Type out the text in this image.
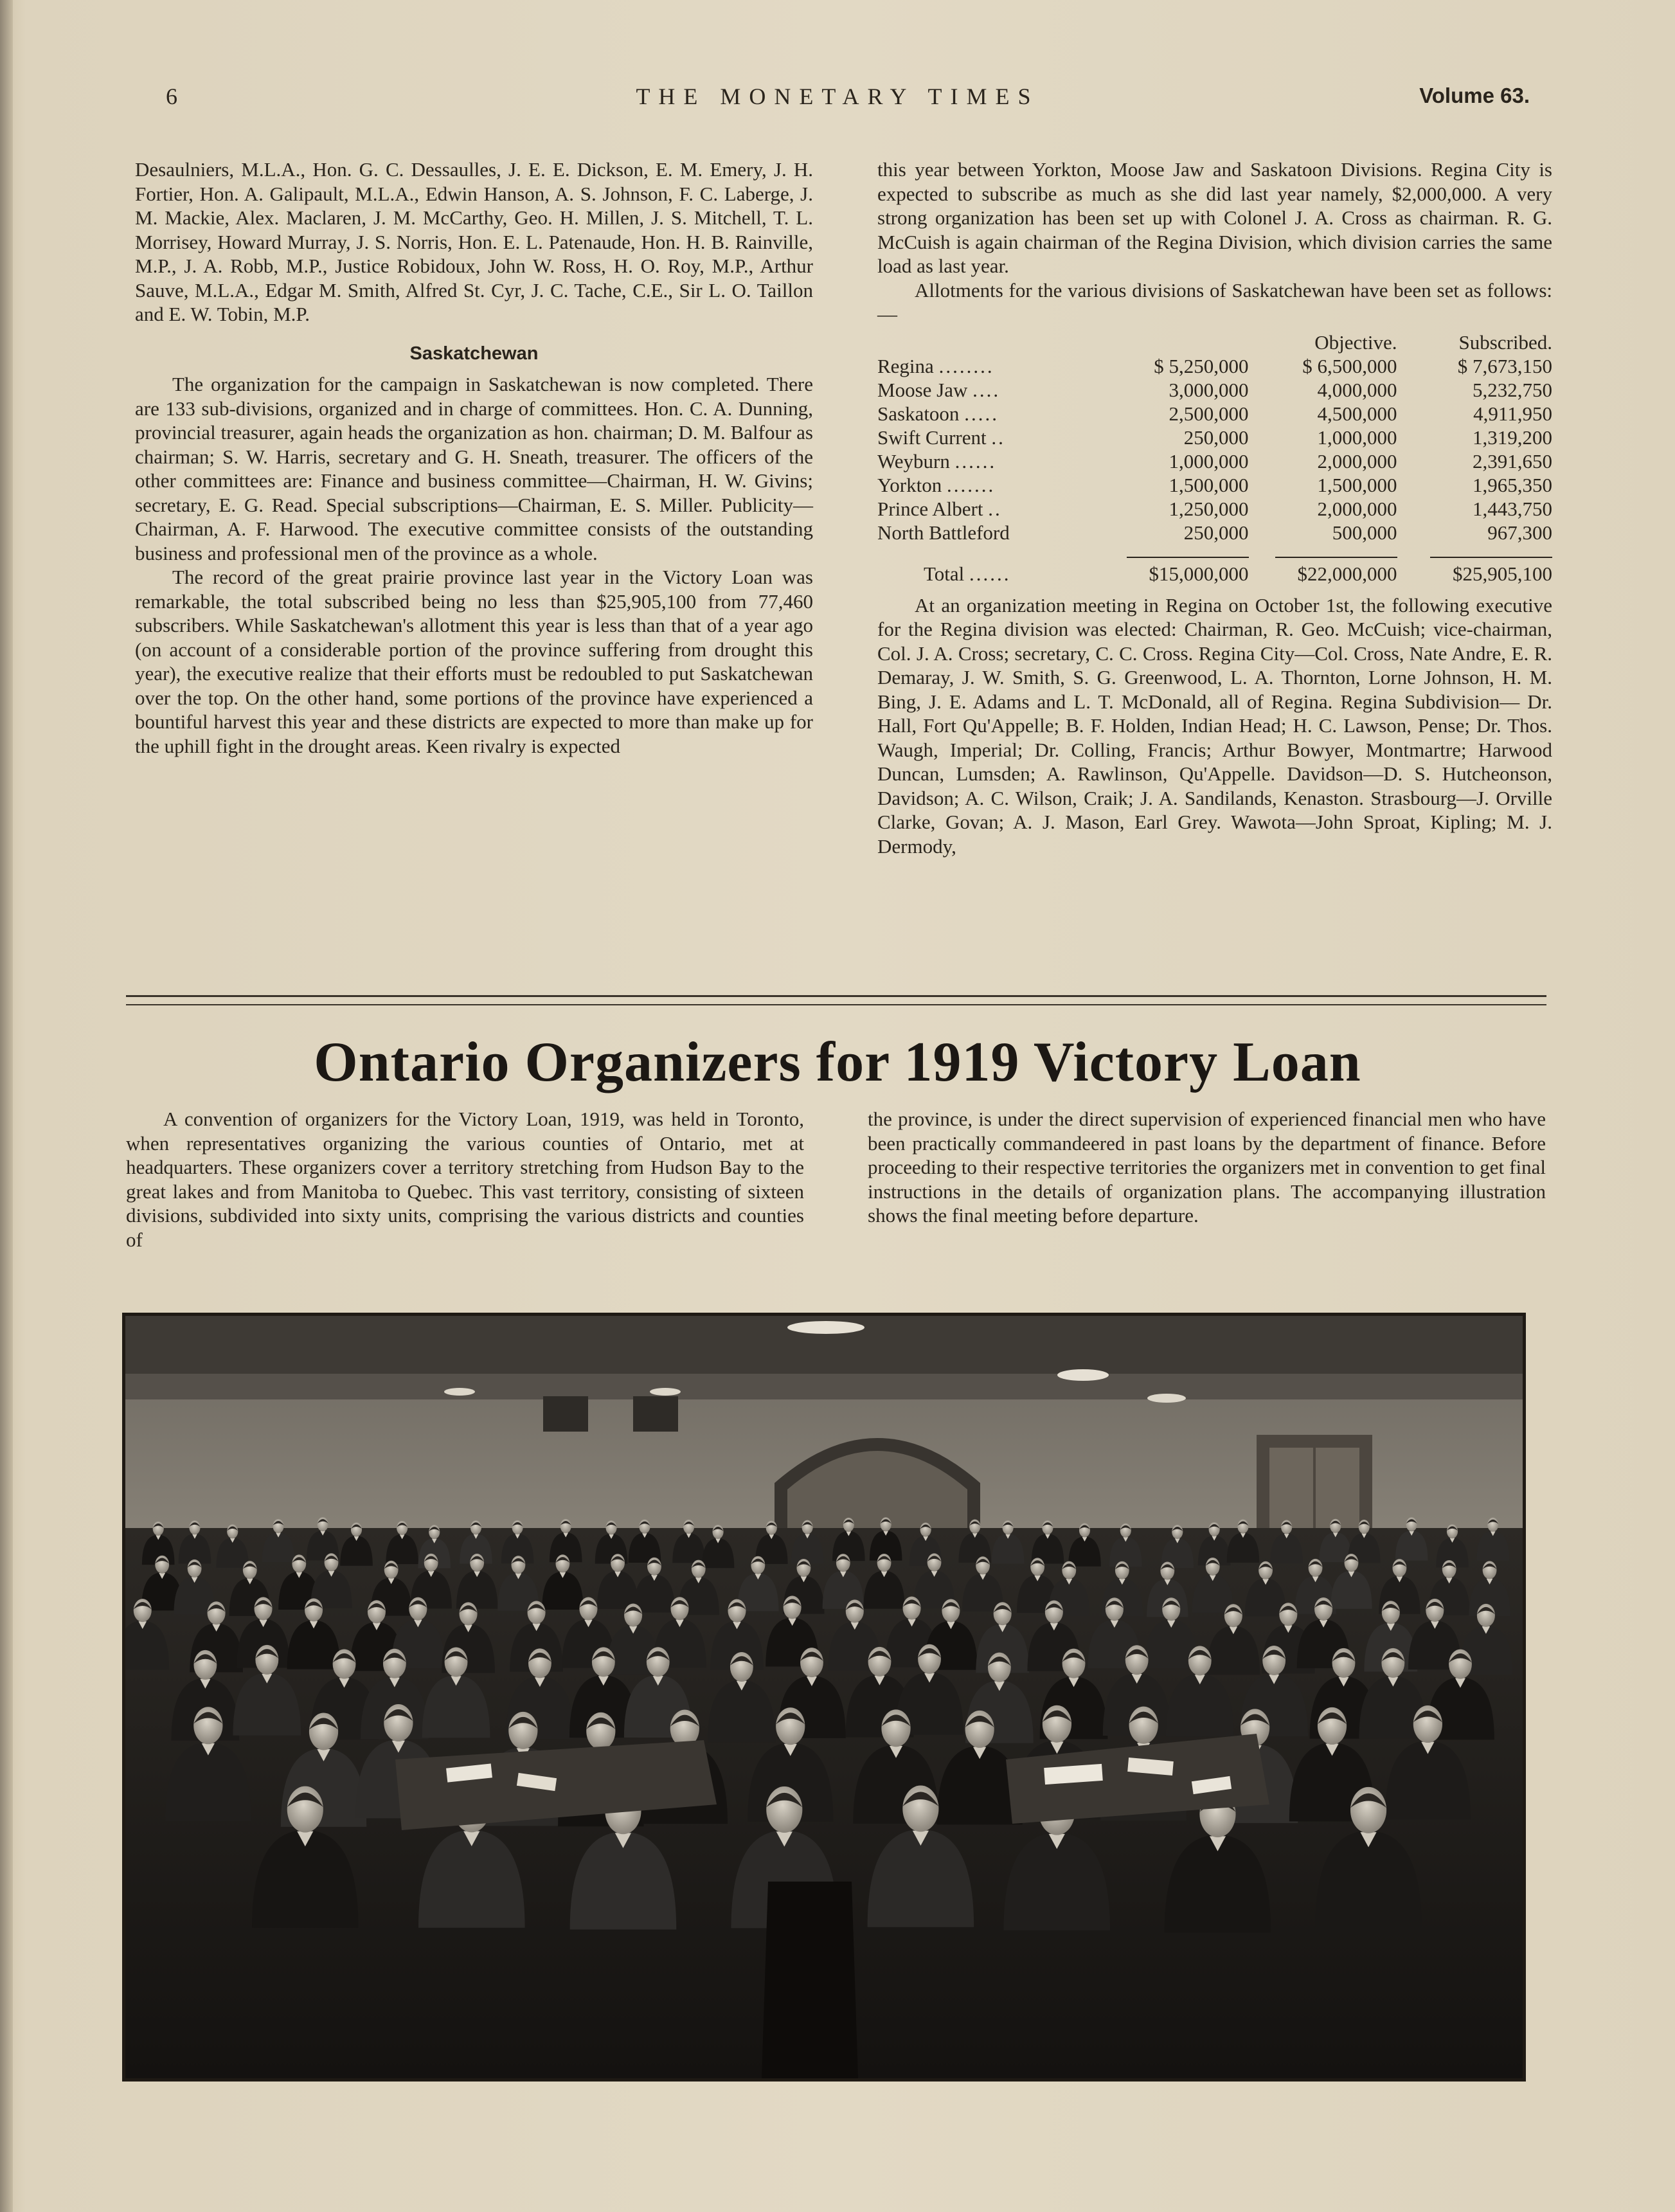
6	THE MONETARY TIMES	Volume 63.

Desaulniers, M.L.A., Hon. G. C. Dessaulles, J. E. E. Dickson, E. M. Emery, J. H. Fortier, Hon. A. Galipault, M.L.A., Edwin Hanson, A. S. Johnson, F. C. Laberge, J. M. Mackie, Alex. Maclaren, J. M. McCarthy, Geo. H. Millen, J. S. Mitchell, T. L. Morrisey, Howard Murray, J. S. Norris, Hon. E. L. Patenaude, Hon. H. B. Rainville, M.P., J. A. Robb, M.P., Justice Robidoux, John W. Ross, H. O. Roy, M.P., Arthur Sauve, M.L.A., Edgar M. Smith, Alfred St. Cyr, J. C. Tache, C.E., Sir L. O. Taillon and E. W. Tobin, M.P.

Saskatchewan

The organization for the campaign in Saskatchewan is now completed. There are 133 sub-divisions, organized and in charge of committees. Hon. C. A. Dunning, provincial treasurer, again heads the organization as hon. chairman; D. M. Balfour as chairman; S. W. Harris, secretary and G. H. Sneath, treasurer. The officers of the other committees are: Finance and business committee—Chairman, H. W. Givins; secretary, E. G. Read. Special subscriptions—Chairman, E. S. Miller. Publicity—Chairman, A. F. Harwood. The executive committee consists of the outstanding business and professional men of the province as a whole.

The record of the great prairie province last year in the Victory Loan was remarkable, the total subscribed being no less than $25,905,100 from 77,460 subscribers. While Saskatchewan's allotment this year is less than that of a year ago (on account of a considerable portion of the province suffering from drought this year), the executive realize that their efforts must be redoubled to put Saskatchewan over the top. On the other hand, some portions of the province have experienced a bountiful harvest this year and these districts are expected to more than make up for the uphill fight in the drought areas. Keen rivalry is expected

this year between Yorkton, Moose Jaw and Saskatoon Divisions. Regina City is expected to subscribe as much as she did last year namely, $2,000,000. A very strong organization has been set up with Colonel J. A. Cross as chairman. R. G. McCuish is again chairman of the Regina Division, which division carries the same load as last year.

Allotments for the various divisions of Saskatchewan have been set as follows:—

		Objective.	Subscribed.
Regina ........	$ 5,250,000	$ 6,500,000	$ 7,673,150
Moose Jaw ....	3,000,000	4,000,000	5,232,750
Saskatoon .....	2,500,000	4,500,000	4,911,950
Swift Current ..	250,000	1,000,000	1,319,200
Weyburn ......	1,000,000	2,000,000	2,391,650
Yorkton .......	1,500,000	1,500,000	1,965,350
Prince Albert ..	1,250,000	2,000,000	1,443,750
North Battleford	250,000	500,000	967,300

Total ......	$15,000,000	$22,000,000	$25,905,100

At an organization meeting in Regina on October 1st, the following executive for the Regina division was elected: Chairman, R. Geo. McCuish; vice-chairman, Col. J. A. Cross; secretary, C. C. Cross. Regina City—Col. Cross, Nate Andre, E. R. Demaray, J. W. Smith, S. G. Greenwood, L. A. Thornton, Lorne Johnson, H. M. Bing, J. E. Adams and L. T. McDonald, all of Regina. Regina Subdivision— Dr. Hall, Fort Qu'Appelle; B. F. Holden, Indian Head; H. C. Lawson, Pense; Dr. Thos. Waugh, Imperial; Dr. Colling, Francis; Arthur Bowyer, Montmartre; Harwood Duncan, Lumsden; A. Rawlinson, Qu'Appelle. Davidson—D. S. Hutcheonson, Davidson; A. C. Wilson, Craik; J. A. Sandilands, Kenaston. Strasbourg—J. Orville Clarke, Govan; A. J. Mason, Earl Grey. Wawota—John Sproat, Kipling; M. J. Dermody,

Ontario Organizers for 1919 Victory Loan

A convention of organizers for the Victory Loan, 1919, was held in Toronto, when representatives organizing the various counties of Ontario, met at headquarters. These organizers cover a territory stretching from Hudson Bay to the great lakes and from Manitoba to Quebec. This vast territory, consisting of sixteen divisions, subdivided into sixty units, comprising the various districts and counties of

the province, is under the direct supervision of experienced financial men who have been practically commandeered in past loans by the department of finance. Before proceeding to their respective territories the organizers met in convention to get final instructions in the details of organization plans. The accompanying illustration shows the final meeting before departure.
